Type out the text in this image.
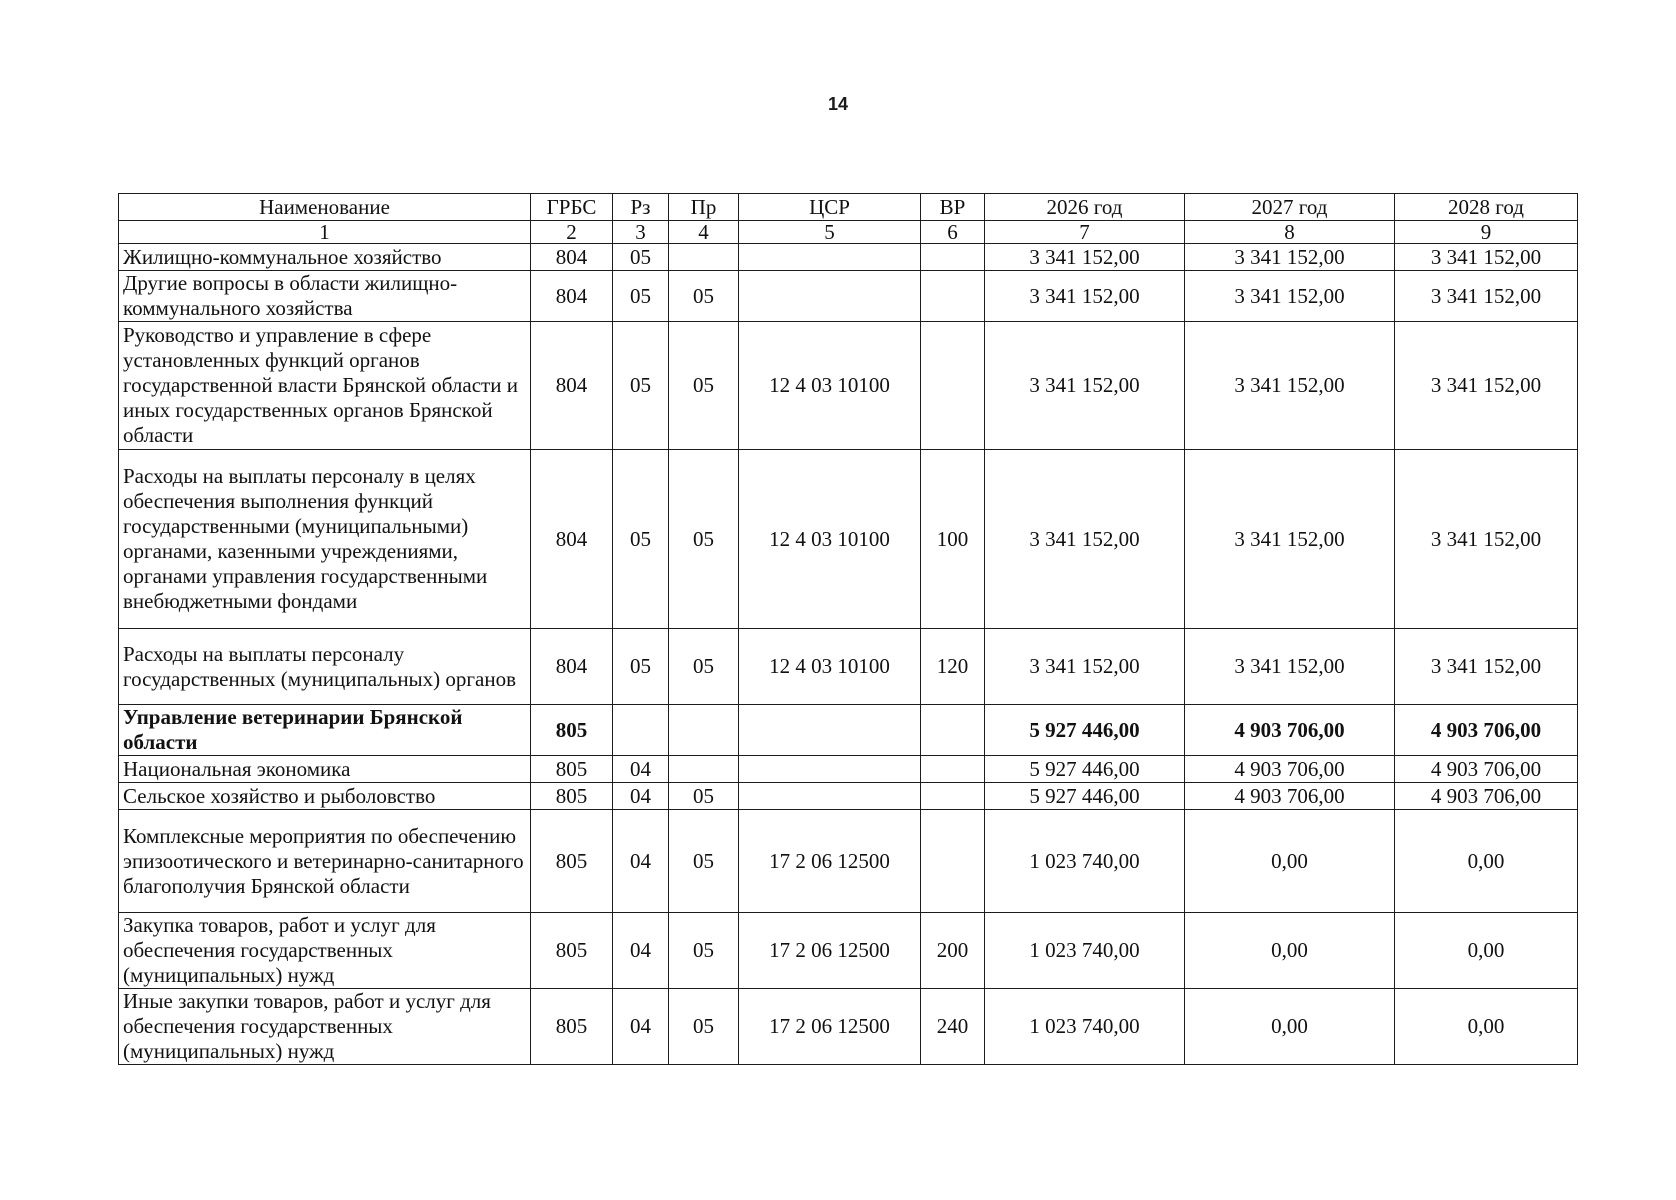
14
Наименование	ГРБС	Рз	Пр	ЦСР	ВР	2026 год	2027 год	2028 год
1	2	3	4	5	6	7	8	9
Жилищно-коммунальное хозяйство	804	05				3 341 152,00	3 341 152,00	3 341 152,00
Другие вопросы в области жилищно-коммунального хозяйства	804	05	05			3 341 152,00	3 341 152,00	3 341 152,00
Руководство и управление в сфере установленных функций органов государственной власти Брянской области и иных государственных органов Брянской области	804	05	05	12 4 03 10100		3 341 152,00	3 341 152,00	3 341 152,00
Расходы на выплаты персоналу в целях обеспечения выполнения функций государственными (муниципальными) органами, казенными учреждениями, органами управления государственными внебюджетными фондами	804	05	05	12 4 03 10100	100	3 341 152,00	3 341 152,00	3 341 152,00
Расходы на выплаты персоналу государственных (муниципальных) органов	804	05	05	12 4 03 10100	120	3 341 152,00	3 341 152,00	3 341 152,00
Управление ветеринарии Брянской области	805					5 927 446,00	4 903 706,00	4 903 706,00
Национальная экономика	805	04				5 927 446,00	4 903 706,00	4 903 706,00
Сельское хозяйство и рыболовство	805	04	05			5 927 446,00	4 903 706,00	4 903 706,00
Комплексные мероприятия по обеспечению эпизоотического и ветеринарно-санитарного благополучия Брянской области	805	04	05	17 2 06 12500		1 023 740,00	0,00	0,00
Закупка товаров, работ и услуг для обеспечения государственных (муниципальных) нужд	805	04	05	17 2 06 12500	200	1 023 740,00	0,00	0,00
Иные закупки товаров, работ и услуг для обеспечения государственных (муниципальных) нужд	805	04	05	17 2 06 12500	240	1 023 740,00	0,00	0,00
